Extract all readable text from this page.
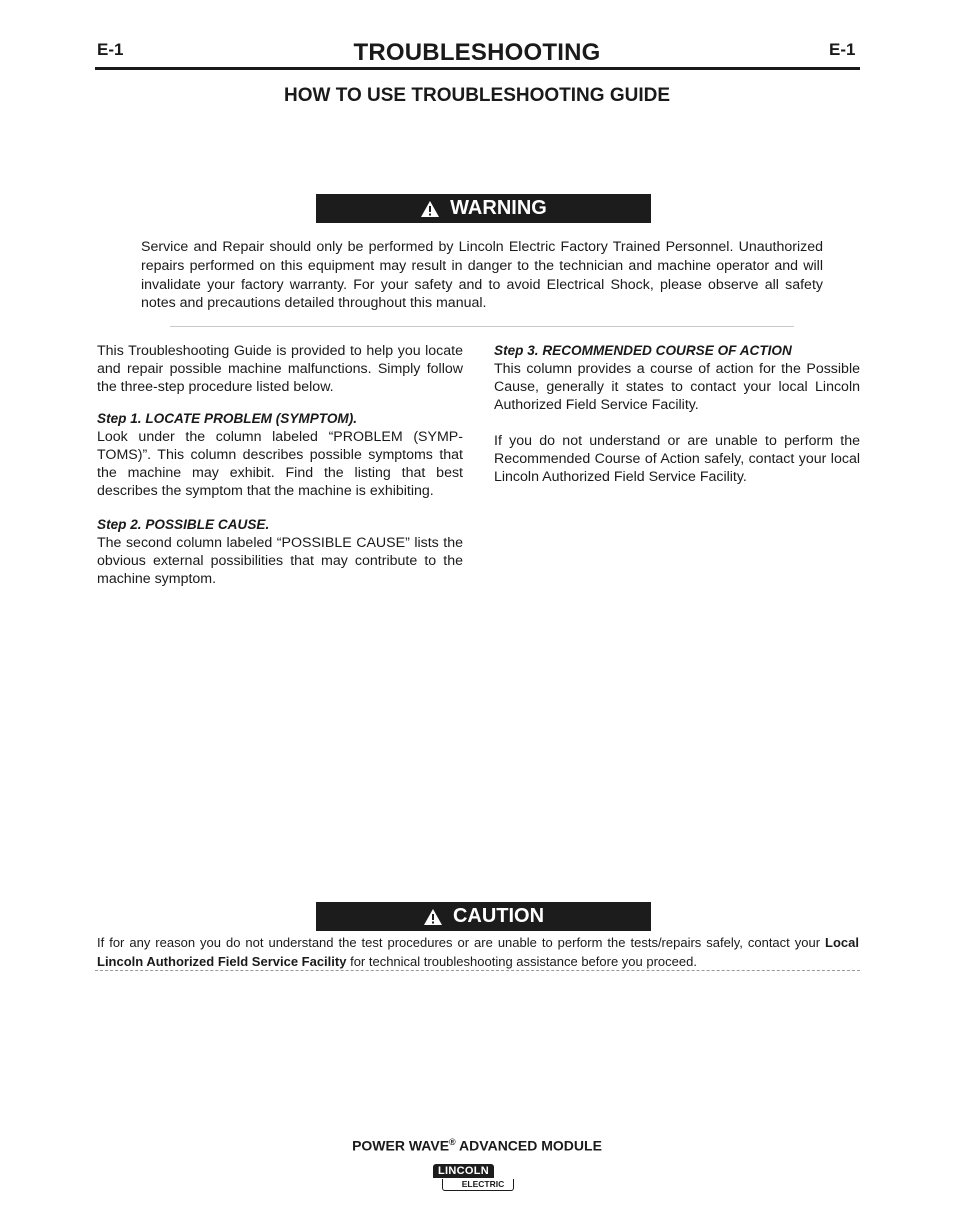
E-1	TROUBLESHOOTING	E-1
HOW TO USE TROUBLESHOOTING GUIDE
WARNING

Service and Repair should only be performed by Lincoln Electric Factory Trained Personnel. Unauthorized repairs performed on this equipment may result in danger to the technician and machine operator and will invalidate your factory warranty. For your safety and to avoid Electrical Shock, please observe all safety notes and precautions detailed throughout this manual.

This Troubleshooting Guide is provided to help you locate and repair possible machine malfunctions. Simply follow the three-step procedure listed below.

Step 1. LOCATE PROBLEM (SYMPTOM).
Look under the column labeled “PROBLEM (SYMP-TOMS)”. This column describes possible symptoms that the machine may exhibit. Find the listing that best describes the symptom that the machine is exhibiting.
Step 2. POSSIBLE CAUSE.
The second column labeled “POSSIBLE CAUSE” lists the obvious external possibilities that may contribute to the machine symptom.
Step 3. RECOMMENDED COURSE OF ACTION
This column provides a course of action for the Possible Cause, generally it states to contact your local Lincoln Authorized Field Service Facility.

If you do not understand or are unable to perform the Recommended Course of Action safely, contact your local Lincoln Authorized Field Service Facility.

CAUTION

If for any reason you do not understand the test procedures or are unable to perform the tests/repairs safely, contact your Local Lincoln Authorized Field Service Facility for technical troubleshooting assistance before you proceed.

POWER WAVE® ADVANCED MODULE
LINCOLN
ELECTRIC
